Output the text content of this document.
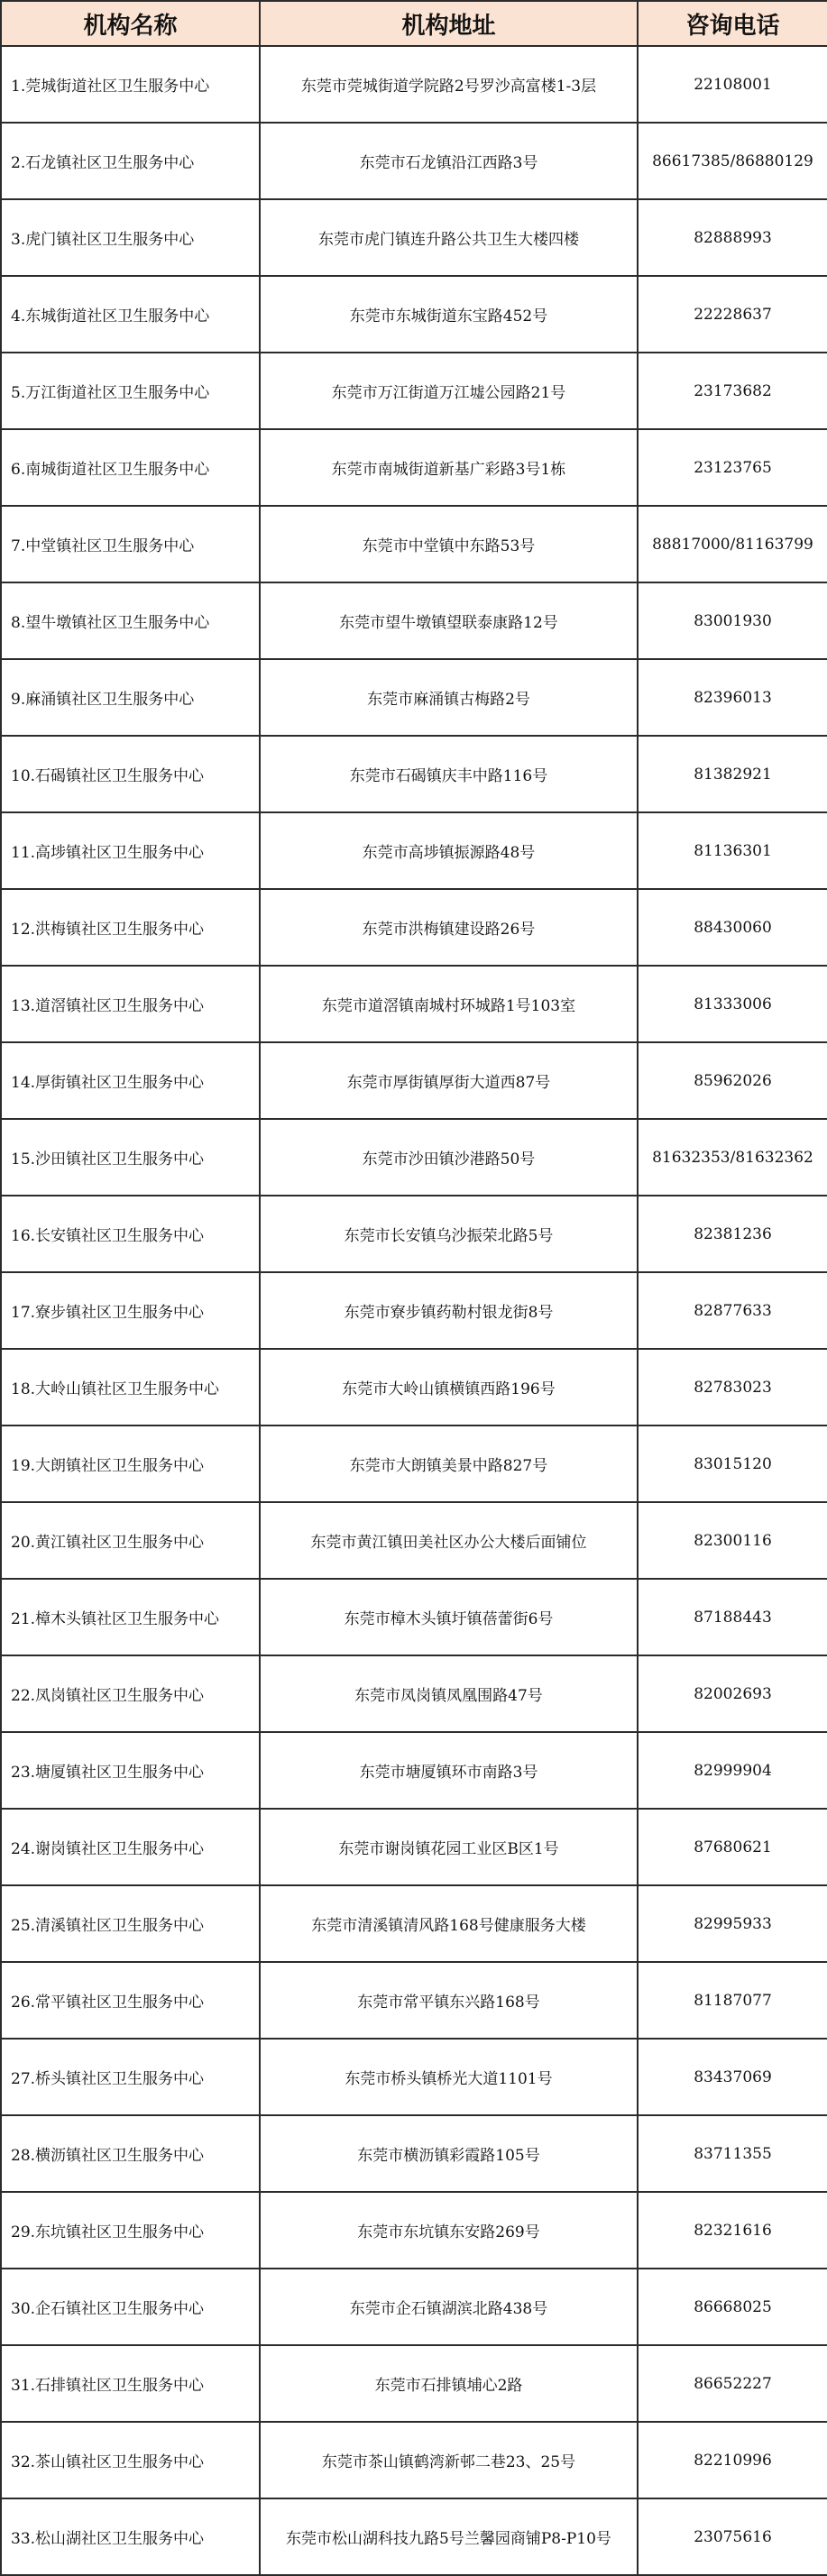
机构名称	机构地址	咨询电话
1.莞城街道社区卫生服务中心	东莞市莞城街道学院路2号罗沙高富楼1-3层	22108001
2.石龙镇社区卫生服务中心	东莞市石龙镇沿江西路3号	86617385/86880129
3.虎门镇社区卫生服务中心	东莞市虎门镇连升路公共卫生大楼四楼	82888993
4.东城街道社区卫生服务中心	东莞市东城街道东宝路452号	22228637
5.万江街道社区卫生服务中心	东莞市万江街道万江墟公园路21号	23173682
6.南城街道社区卫生服务中心	东莞市南城街道新基广彩路3号1栋	23123765
7.中堂镇社区卫生服务中心	东莞市中堂镇中东路53号	88817000/81163799
8.望牛墩镇社区卫生服务中心	东莞市望牛墩镇望联泰康路12号	83001930
9.麻涌镇社区卫生服务中心	东莞市麻涌镇古梅路2号	82396013
10.石碣镇社区卫生服务中心	东莞市石碣镇庆丰中路116号	81382921
11.高埗镇社区卫生服务中心	东莞市高埗镇振源路48号	81136301
12.洪梅镇社区卫生服务中心	东莞市洪梅镇建设路26号	88430060
13.道滘镇社区卫生服务中心	东莞市道滘镇南城村环城路1号103室	81333006
14.厚街镇社区卫生服务中心	东莞市厚街镇厚街大道西87号	85962026
15.沙田镇社区卫生服务中心	东莞市沙田镇沙港路50号	81632353/81632362
16.长安镇社区卫生服务中心	东莞市长安镇乌沙振荣北路5号	82381236
17.寮步镇社区卫生服务中心	东莞市寮步镇药勒村银龙街8号	82877633
18.大岭山镇社区卫生服务中心	东莞市大岭山镇横镇西路196号	82783023
19.大朗镇社区卫生服务中心	东莞市大朗镇美景中路827号	83015120
20.黄江镇社区卫生服务中心	东莞市黄江镇田美社区办公大楼后面铺位	82300116
21.樟木头镇社区卫生服务中心	东莞市樟木头镇圩镇蓓蕾街6号	87188443
22.凤岗镇社区卫生服务中心	东莞市凤岗镇凤凰围路47号	82002693
23.塘厦镇社区卫生服务中心	东莞市塘厦镇环市南路3号	82999904
24.谢岗镇社区卫生服务中心	东莞市谢岗镇花园工业区B区1号	87680621
25.清溪镇社区卫生服务中心	东莞市清溪镇清风路168号健康服务大楼	82995933
26.常平镇社区卫生服务中心	东莞市常平镇东兴路168号	81187077
27.桥头镇社区卫生服务中心	东莞市桥头镇桥光大道1101号	83437069
28.横沥镇社区卫生服务中心	东莞市横沥镇彩霞路105号	83711355
29.东坑镇社区卫生服务中心	东莞市东坑镇东安路269号	82321616
30.企石镇社区卫生服务中心	东莞市企石镇湖滨北路438号	86668025
31.石排镇社区卫生服务中心	东莞市石排镇埔心2路	86652227
32.茶山镇社区卫生服务中心	东莞市茶山镇鹤湾新邨二巷23、25号	82210996
33.松山湖社区卫生服务中心	东莞市松山湖科技九路5号兰馨园商铺P8-P10号	23075616
